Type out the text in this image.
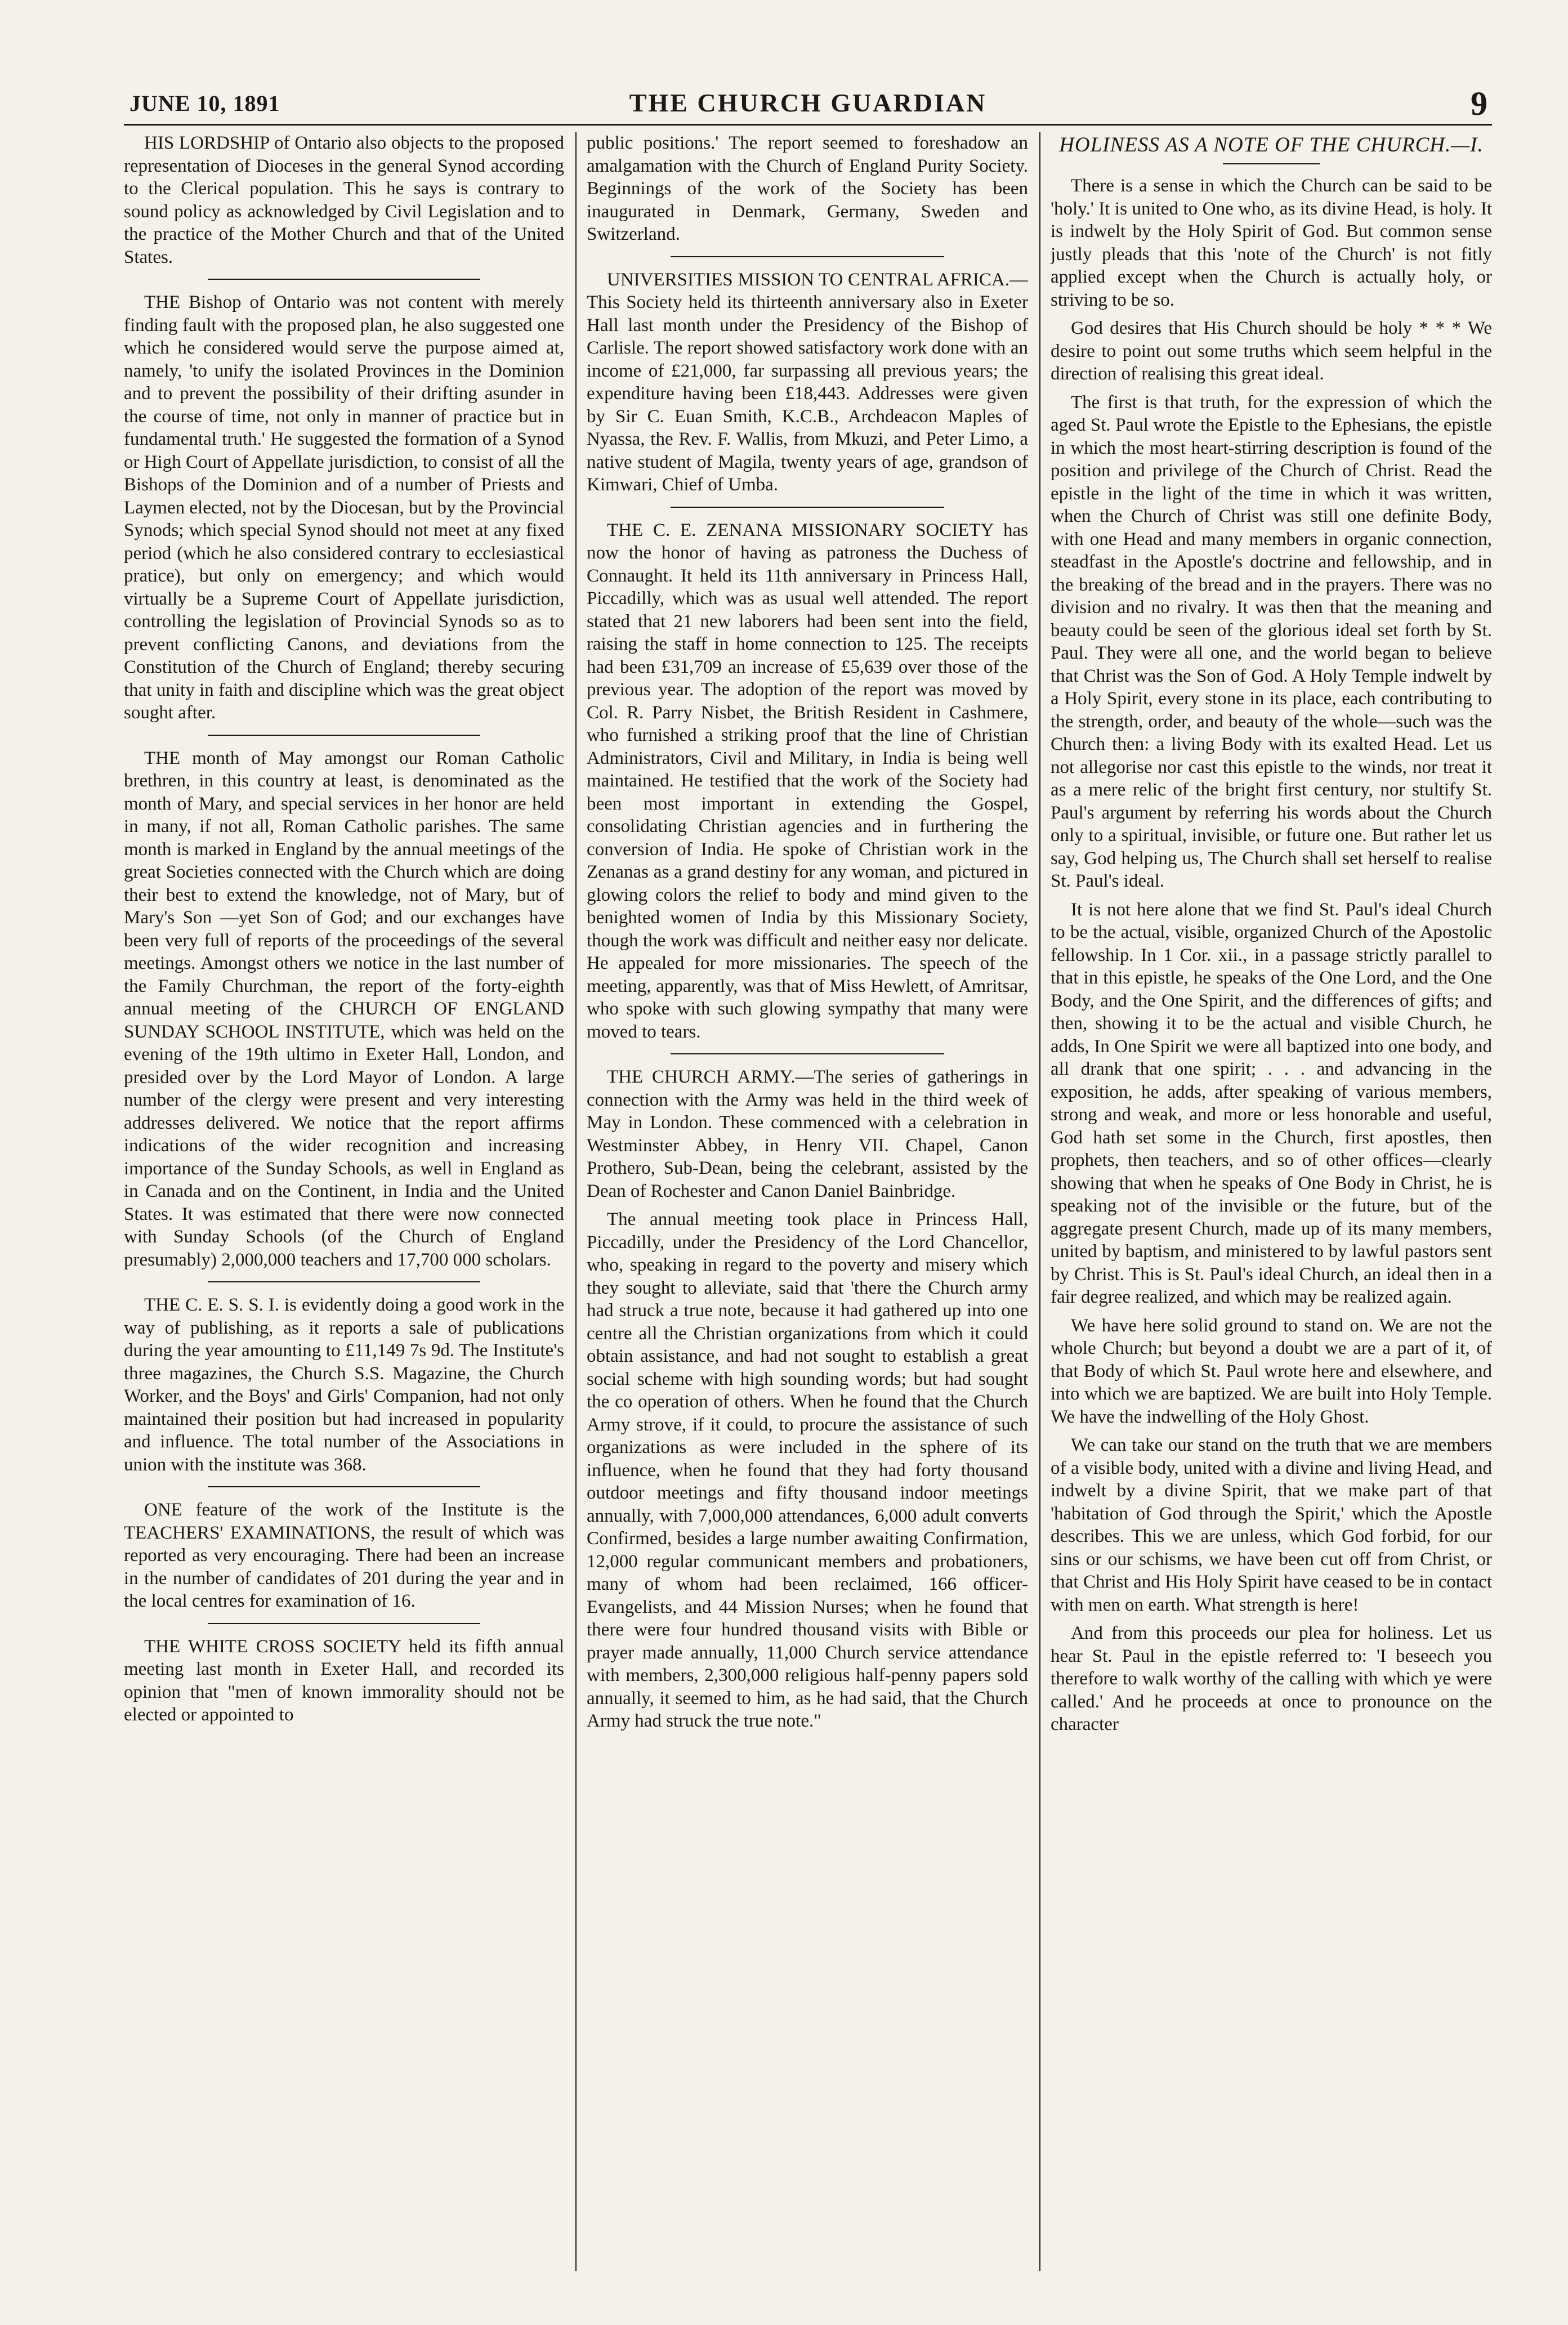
JUNE 10, 1891	THE CHURCH GUARDIAN	9

HIS LORDSHIP of Ontario also objects to the proposed representation of Dioceses in the general Synod according to the Clerical population. This he says is contrary to sound policy as acknowledged by Civil Legislation and to the practice of the Mother Church and that of the United States.

THE Bishop of Ontario was not content with merely finding fault with the proposed plan, he also suggested one which he considered would serve the purpose aimed at, namely, 'to unify the isolated Provinces in the Dominion and to prevent the possibility of their drifting asunder in the course of time, not only in manner of practice but in fundamental truth.' He suggested the formation of a Synod or High Court of Appellate jurisdiction, to consist of all the Bishops of the Dominion and of a number of Priests and Laymen elected, not by the Diocesan, but by the Provincial Synods; which special Synod should not meet at any fixed period (which he also considered contrary to ecclesiastical pratice), but only on emergency; and which would virtually be a Supreme Court of Appellate jurisdiction, controlling the legislation of Provincial Synods so as to prevent conflicting Canons, and deviations from the Constitution of the Church of England; thereby securing that unity in faith and discipline which was the great object sought after.

THE month of May amongst our Roman Catholic brethren, in this country at least, is denominated as the month of Mary, and special services in her honor are held in many, if not all, Roman Catholic parishes. The same month is marked in England by the annual meetings of the great Societies connected with the Church which are doing their best to extend the knowledge, not of Mary, but of Mary's Son —yet Son of God; and our exchanges have been very full of reports of the proceedings of the several meetings. Amongst others we notice in the last number of the Family Churchman, the report of the forty-eighth annual meeting of the CHURCH OF ENGLAND SUNDAY SCHOOL INSTITUTE, which was held on the evening of the 19th ultimo in Exeter Hall, London, and presided over by the Lord Mayor of London. A large number of the clergy were present and very interesting addresses delivered. We notice that the report affirms indications of the wider recognition and increasing importance of the Sunday Schools, as well in England as in Canada and on the Continent, in India and the United States. It was estimated that there were now connected with Sunday Schools (of the Church of England presumably) 2,000,000 teachers and 17,700 000 scholars.

THE C. E. S. S. I. is evidently doing a good work in the way of publishing, as it reports a sale of publications during the year amounting to £11,149 7s 9d. The Institute's three magazines, the Church S.S. Magazine, the Church Worker, and the Boys' and Girls' Companion, had not only maintained their position but had increased in popularity and influence. The total number of the Associations in union with the institute was 368.

ONE feature of the work of the Institute is the TEACHERS' EXAMINATIONS, the result of which was reported as very encouraging. There had been an increase in the number of candidates of 201 during the year and in the local centres for examination of 16.

THE WHITE CROSS SOCIETY held its fifth annual meeting last month in Exeter Hall, and recorded its opinion that "men of known immorality should not be elected or appointed to

public positions.' The report seemed to foreshadow an amalgamation with the Church of England Purity Society. Beginnings of the work of the Society has been inaugurated in Denmark, Germany, Sweden and Switzerland.

UNIVERSITIES MISSION TO CENTRAL AFRICA.—This Society held its thirteenth anniversary also in Exeter Hall last month under the Presidency of the Bishop of Carlisle. The report showed satisfactory work done with an income of £21,000, far surpassing all previous years; the expenditure having been £18,443. Addresses were given by Sir C. Euan Smith, K.C.B., Archdeacon Maples of Nyassa, the Rev. F. Wallis, from Mkuzi, and Peter Limo, a native student of Magila, twenty years of age, grandson of Kimwari, Chief of Umba.

THE C. E. ZENANA MISSIONARY SOCIETY has now the honor of having as patroness the Duchess of Connaught. It held its 11th anniversary in Princess Hall, Piccadilly, which was as usual well attended. The report stated that 21 new laborers had been sent into the field, raising the staff in home connection to 125. The receipts had been £31,709 an increase of £5,639 over those of the previous year. The adoption of the report was moved by Col. R. Parry Nisbet, the British Resident in Cashmere, who furnished a striking proof that the line of Christian Administrators, Civil and Military, in India is being well maintained. He testified that the work of the Society had been most important in extending the Gospel, consolidating Christian agencies and in furthering the conversion of India. He spoke of Christian work in the Zenanas as a grand destiny for any woman, and pictured in glowing colors the relief to body and mind given to the benighted women of India by this Missionary Society, though the work was difficult and neither easy nor delicate. He appealed for more missionaries. The speech of the meeting, apparently, was that of Miss Hewlett, of Amritsar, who spoke with such glowing sympathy that many were moved to tears.

THE CHURCH ARMY.—The series of gatherings in connection with the Army was held in the third week of May in London. These commenced with a celebration in Westminster Abbey, in Henry VII. Chapel, Canon Prothero, Sub-Dean, being the celebrant, assisted by the Dean of Rochester and Canon Daniel Bainbridge.

The annual meeting took place in Princess Hall, Piccadilly, under the Presidency of the Lord Chancellor, who, speaking in regard to the poverty and misery which they sought to alleviate, said that 'there the Church army had struck a true note, because it had gathered up into one centre all the Christian organizations from which it could obtain assistance, and had not sought to establish a great social scheme with high sounding words; but had sought the co operation of others. When he found that the Church Army strove, if it could, to procure the assistance of such organizations as were included in the sphere of its influence, when he found that they had forty thousand outdoor meetings and fifty thousand indoor meetings annually, with 7,000,000 attendances, 6,000 adult converts Confirmed, besides a large number awaiting Confirmation, 12,000 regular communicant members and probationers, many of whom had been reclaimed, 166 officer-Evangelists, and 44 Mission Nurses; when he found that there were four hundred thousand visits with Bible or prayer made annually, 11,000 Church service attendance with members, 2,300,000 religious half-penny papers sold annually, it seemed to him, as he had said, that the Church Army had struck the true note."

HOLINESS AS A NOTE OF THE CHURCH.—I.

There is a sense in which the Church can be said to be 'holy.' It is united to One who, as its divine Head, is holy. It is indwelt by the Holy Spirit of God. But common sense justly pleads that this 'note of the Church' is not fitly applied except when the Church is actually holy, or striving to be so.

God desires that His Church should be holy * * * We desire to point out some truths which seem helpful in the direction of realising this great ideal.

The first is that truth, for the expression of which the aged St. Paul wrote the Epistle to the Ephesians, the epistle in which the most heart-stirring description is found of the position and privilege of the Church of Christ. Read the epistle in the light of the time in which it was written, when the Church of Christ was still one definite Body, with one Head and many members in organic connection, steadfast in the Apostle's doctrine and fellowship, and in the breaking of the bread and in the prayers. There was no division and no rivalry. It was then that the meaning and beauty could be seen of the glorious ideal set forth by St. Paul. They were all one, and the world began to believe that Christ was the Son of God. A Holy Temple indwelt by a Holy Spirit, every stone in its place, each contributing to the strength, order, and beauty of the whole—such was the Church then: a living Body with its exalted Head. Let us not allegorise nor cast this epistle to the winds, nor treat it as a mere relic of the bright first century, nor stultify St. Paul's argument by referring his words about the Church only to a spiritual, invisible, or future one. But rather let us say, God helping us, The Church shall set herself to realise St. Paul's ideal.

It is not here alone that we find St. Paul's ideal Church to be the actual, visible, organized Church of the Apostolic fellowship. In 1 Cor. xii., in a passage strictly parallel to that in this epistle, he speaks of the One Lord, and the One Body, and the One Spirit, and the differences of gifts; and then, showing it to be the actual and visible Church, he adds, In One Spirit we were all baptized into one body, and all drank that one spirit; . . . and advancing in the exposition, he adds, after speaking of various members, strong and weak, and more or less honorable and useful, God hath set some in the Church, first apostles, then prophets, then teachers, and so of other offices—clearly showing that when he speaks of One Body in Christ, he is speaking not of the invisible or the future, but of the aggregate present Church, made up of its many members, united by baptism, and ministered to by lawful pastors sent by Christ. This is St. Paul's ideal Church, an ideal then in a fair degree realized, and which may be realized again.

We have here solid ground to stand on. We are not the whole Church; but beyond a doubt we are a part of it, of that Body of which St. Paul wrote here and elsewhere, and into which we are baptized. We are built into Holy Temple. We have the indwelling of the Holy Ghost.

We can take our stand on the truth that we are members of a visible body, united with a divine and living Head, and indwelt by a divine Spirit, that we make part of that 'habitation of God through the Spirit,' which the Apostle describes. This we are unless, which God forbid, for our sins or our schisms, we have been cut off from Christ, or that Christ and His Holy Spirit have ceased to be in contact with men on earth. What strength is here!

And from this proceeds our plea for holiness. Let us hear St. Paul in the epistle referred to: 'I beseech you therefore to walk worthy of the calling with which ye were called.' And he proceeds at once to pronounce on the character
